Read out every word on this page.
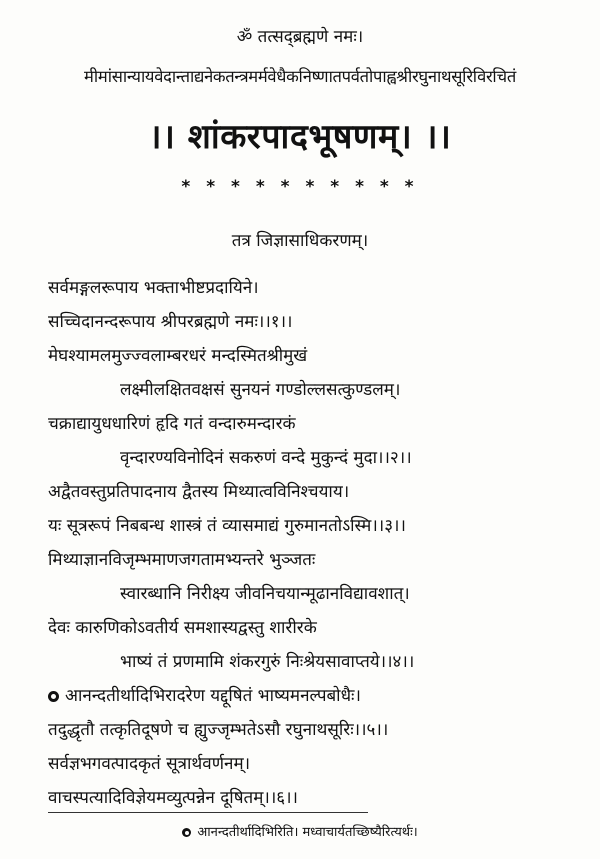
ॐ तत्सद्ब्रह्मणे नमः।
मीमांसान्यायवेदान्ताद्यनेकतन्त्रमर्मवेधैकनिष्णातपर्वतोपाह्वश्रीरघुनाथसूरिविरचितं
।। शांकरपादभूषणम्। ।।
* * * * * * * * * *
तत्र जिज्ञासाधिकरणम्।
सर्वमङ्गलरूपाय भक्ताभीष्टप्रदायिने।
सच्चिदानन्दरूपाय श्रीपरब्रह्मणे नमः।।१।।
मेघश्यामलमुज्ज्वलाम्बरधरं मन्दस्मितश्रीमुखं
लक्ष्मीलक्षितवक्षसं सुनयनं गण्डोल्लसत्कुण्डलम्।
चक्राद्यायुधधारिणं हृदि गतं वन्दारुमन्दारकं
वृन्दारण्यविनोदिनं सकरुणं वन्दे मुकुन्दं मुदा।।२।।
अद्वैतवस्तुप्रतिपादनाय द्वैतस्य मिथ्यात्वविनिश्चयाय।
यः सूत्ररूपं निबबन्ध शास्त्रं तं व्यासमाद्यं गुरुमानतोऽस्मि।।३।।
मिथ्याज्ञानविजृम्भमाणजगतामभ्यन्तरे भुञ्जतः
स्वारब्धानि निरीक्ष्य जीवनिचयान्मूढानविद्यावशात्।
देवः कारुणिकोऽवतीर्य समशास्यद्वस्तु शारीरके
भाष्यं तं प्रणमामि शंकरगुरुं निःश्रेयसावाप्तये।।४।।
आनन्दतीर्थादिभिरादरेण यद्दूषितं भाष्यमनल्पबोधैः।
तदुद्धृतौ तत्कृतिदूषणे च ह्युज्जृम्भतेऽसौ रघुनाथसूरिः।।५।।
सर्वज्ञभगवत्पादकृतं सूत्रार्थवर्णनम्।
वाचस्पत्यादिविज्ञेयमव्युत्पन्नेन दूषितम्।।६।।
आनन्दतीर्थादिभिरिति। मध्वाचार्यतच्छिष्यैरित्यर्थः।
